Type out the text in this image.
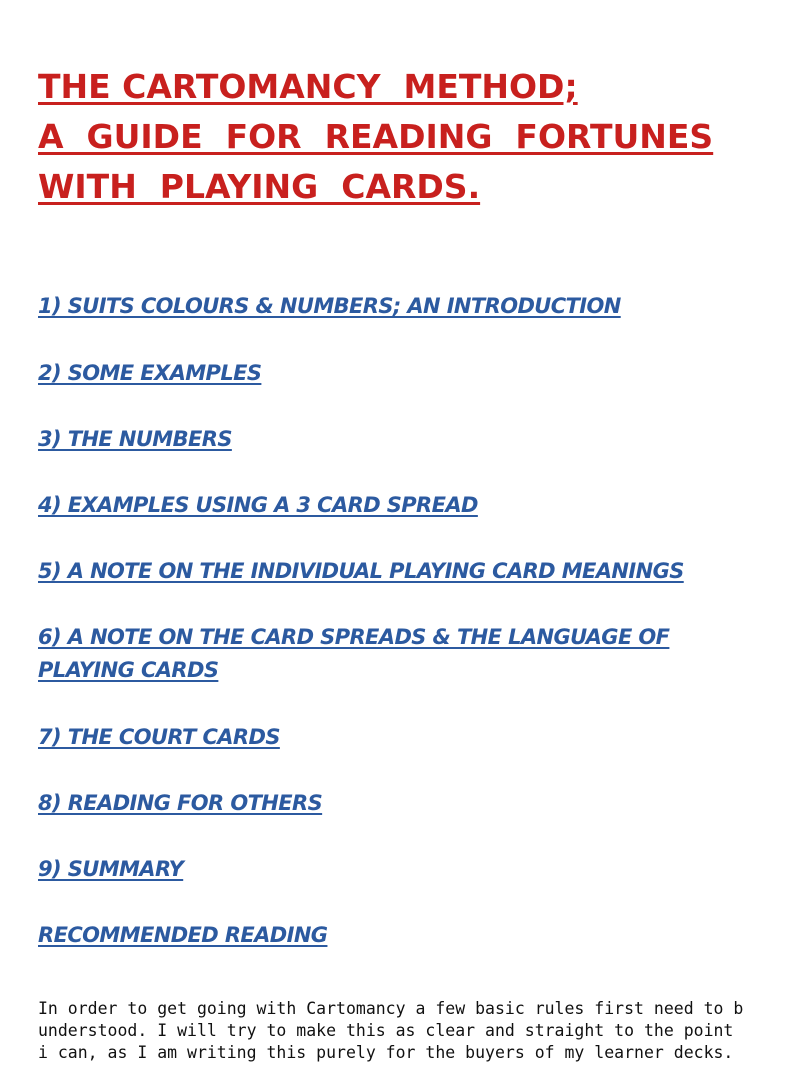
THE CARTOMANCY  METHOD;
A  GUIDE  FOR  READING  FORTUNES
WITH  PLAYING  CARDS.
1) SUITS COLOURS & NUMBERS; AN INTRODUCTION
2) SOME EXAMPLES
3) THE NUMBERS
4) EXAMPLES USING A 3 CARD SPREAD
5) A NOTE ON THE INDIVIDUAL PLAYING CARD MEANINGS
6) A NOTE ON THE CARD SPREADS & THE LANGUAGE OF
PLAYING CARDS
7) THE COURT CARDS
8) READING FOR OTHERS
9) SUMMARY
RECOMMENDED READING

In order to get going with Cartomancy a few basic rules first need to b
understood. I will try to make this as clear and straight to the point
i can, as I am writing this purely for the buyers of my learner decks.
